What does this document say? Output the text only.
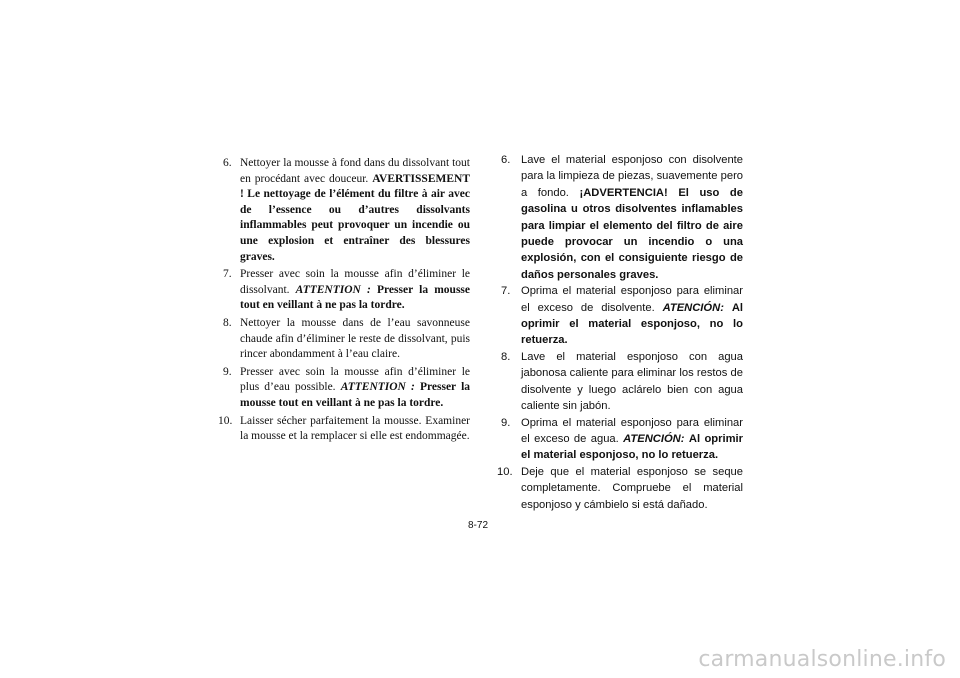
6. Nettoyer la mousse à fond dans du dissolvant tout en procédant avec douceur. AVERTISSEMENT ! Le nettoyage de l’élément du filtre à air avec de l’essence ou d’autres dissolvants inflammables peut provoquer un incendie ou une explosion et entraîner des blessures graves.
7. Presser avec soin la mousse afin d’éliminer le dissolvant. ATTENTION : Presser la mousse tout en veillant à ne pas la tordre.
8. Nettoyer la mousse dans de l’eau savonneuse chaude afin d’éliminer le reste de dissolvant, puis rincer abondamment à l’eau claire.
9. Presser avec soin la mousse afin d’éliminer le plus d’eau possible. ATTENTION : Presser la mousse tout en veillant à ne pas la tordre.
10. Laisser sécher parfaitement la mousse. Examiner la mousse et la remplacer si elle est endommagée.
6. Lave el material esponjoso con disolvente para la limpieza de piezas, suavemente pero a fondo. ¡ADVERTENCIA! El uso de gasolina u otros disolventes inflamables para limpiar el elemento del filtro de aire puede provocar un incendio o una explosión, con el consiguiente riesgo de daños personales graves.
7. Oprima el material esponjoso para eliminar el exceso de disolvente. ATENCIÓN: Al oprimir el material esponjoso, no lo retuerza.
8. Lave el material esponjoso con agua jabonosa caliente para eliminar los restos de disolvente y luego aclárelo bien con agua caliente sin jabón.
9. Oprima el material esponjoso para eliminar el exceso de agua. ATENCIÓN: Al oprimir el material esponjoso, no lo retuerza.
10. Deje que el material esponjoso se seque completamente. Compruebe el material esponjoso y cámbielo si está dañado.
8-72
carmanualsonline.info
